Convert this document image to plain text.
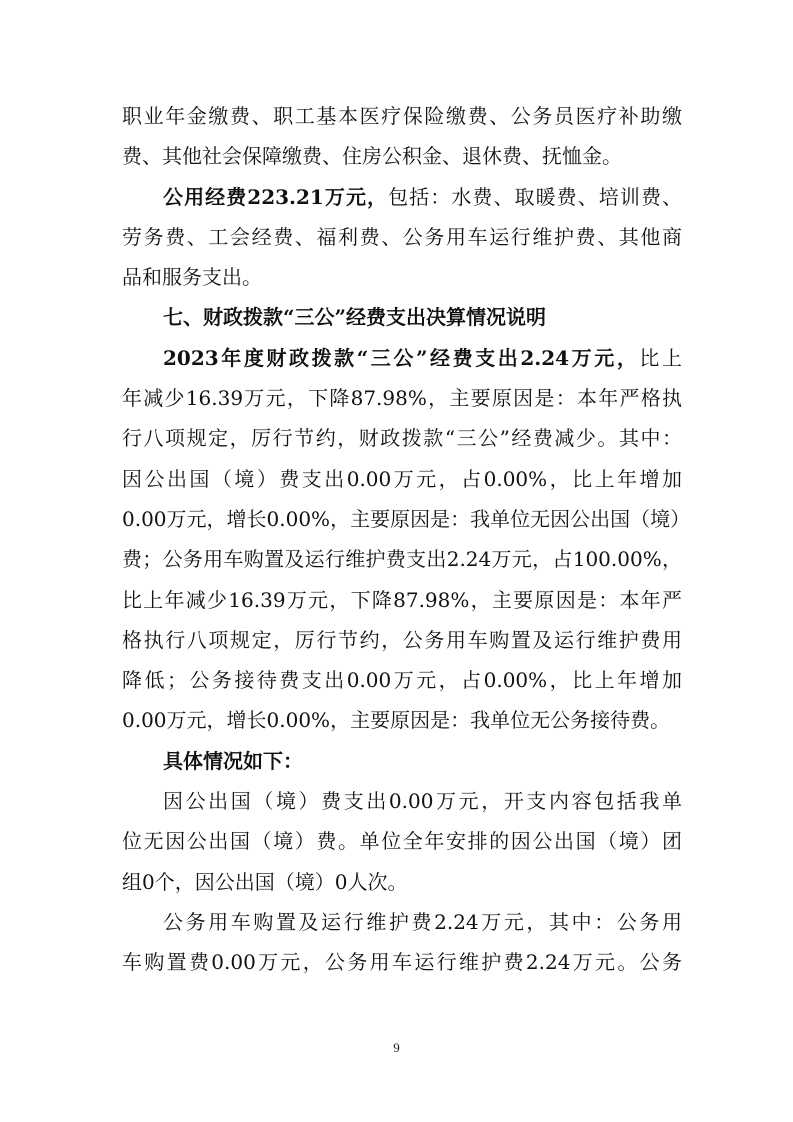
职业年金缴费、职工基本医疗保险缴费、公务员医疗补助缴
费、其他社会保障缴费、住房公积金、退休费、抚恤金。
公用经费223.21万元，包括：水费、取暖费、培训费、
劳务费、工会经费、福利费、公务用车运行维护费、其他商
品和服务支出。
七、财政拨款“三公”经费支出决算情况说明
2023年度财政拨款“三公”经费支出2.24万元，比上
年减少16.39万元，下降87.98%，主要原因是：本年严格执
行八项规定，厉行节约，财政拨款“三公”经费减少。其中：
因公出国（境）费支出0.00万元，占0.00%，比上年增加
0.00万元，增长0.00%，主要原因是：我单位无因公出国（境）
费；公务用车购置及运行维护费支出2.24万元，占100.00%，
比上年减少16.39万元，下降87.98%，主要原因是：本年严
格执行八项规定，厉行节约，公务用车购置及运行维护费用
降低；公务接待费支出0.00万元，占0.00%，比上年增加
0.00万元，增长0.00%，主要原因是：我单位无公务接待费。
具体情况如下：
因公出国（境）费支出0.00万元，开支内容包括我单
位无因公出国（境）费。单位全年安排的因公出国（境）团
组0个，因公出国（境）0人次。
公务用车购置及运行维护费2.24万元，其中：公务用
车购置费0.00万元，公务用车运行维护费2.24万元。公务
9
